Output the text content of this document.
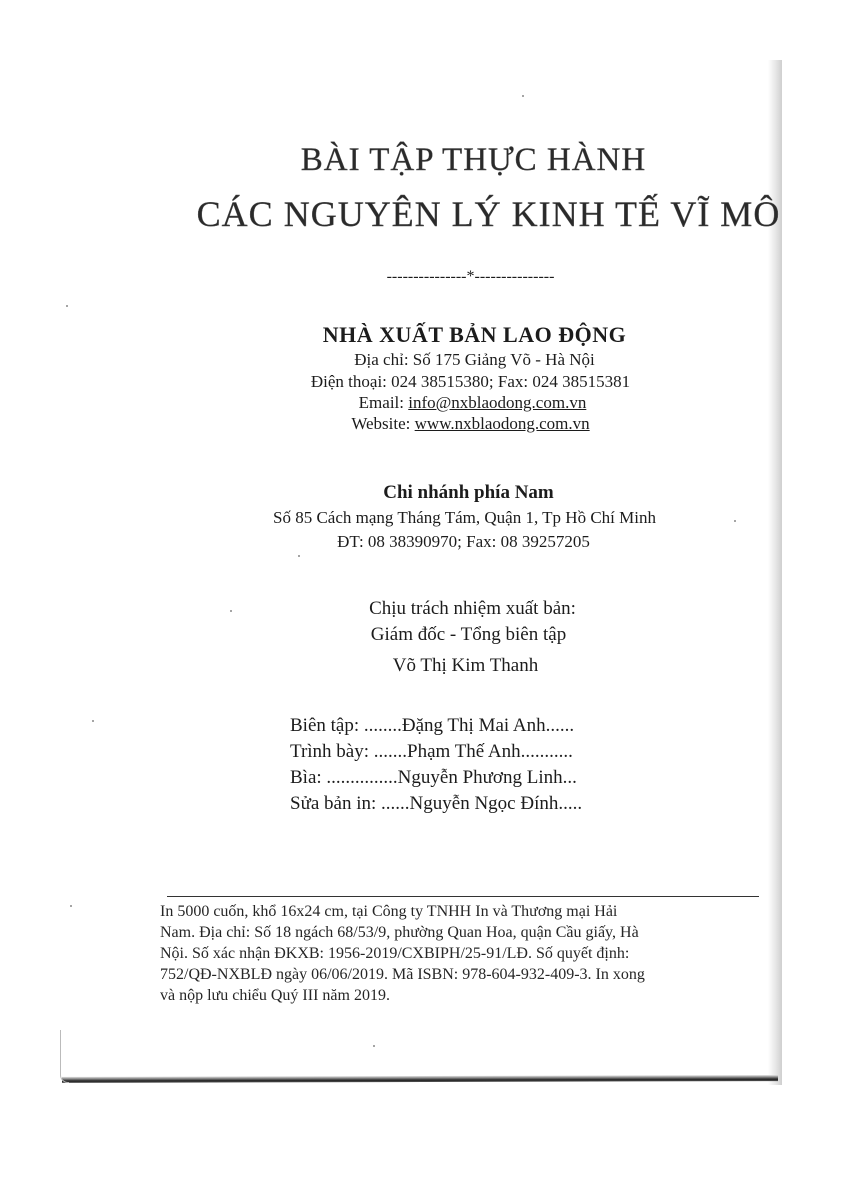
BÀI TẬP THỰC HÀNH
CÁC NGUYÊN LÝ KINH TẾ VĨ MÔ
---------------*---------------
NHÀ XUẤT BẢN LAO ĐỘNG
Địa chỉ: Số 175 Giảng Võ - Hà Nội
Điện thoại: 024 38515380; Fax: 024 38515381
Email: info@nxblaodong.com.vn
Website: www.nxblaodong.com.vn
Chi nhánh phía Nam
Số 85 Cách mạng Tháng Tám, Quận 1, Tp Hồ Chí Minh
ĐT: 08 38390970; Fax: 08 39257205
Chịu trách nhiệm xuất bản:
Giám đốc - Tổng biên tập
Võ Thị Kim Thanh
Biên tập: ........Đặng Thị Mai Anh......
Trình bày: .......Phạm Thế Anh...........
Bìa: ...............Nguyễn Phương Linh...
Sửa bản in: ......Nguyễn Ngọc Đính.....
In 5000 cuốn, khổ 16x24 cm, tại Công ty TNHH In và Thương mại Hải
Nam. Địa chỉ: Số 18 ngách 68/53/9, phường Quan Hoa, quận Cầu giấy, Hà
Nội. Số xác nhận ĐKXB: 1956-2019/CXBIPH/25-91/LĐ. Số quyết định:
752/QĐ-NXBLĐ ngày 06/06/2019. Mã ISBN: 978-604-932-409-3. In xong
và nộp lưu chiểu Quý III năm 2019.
